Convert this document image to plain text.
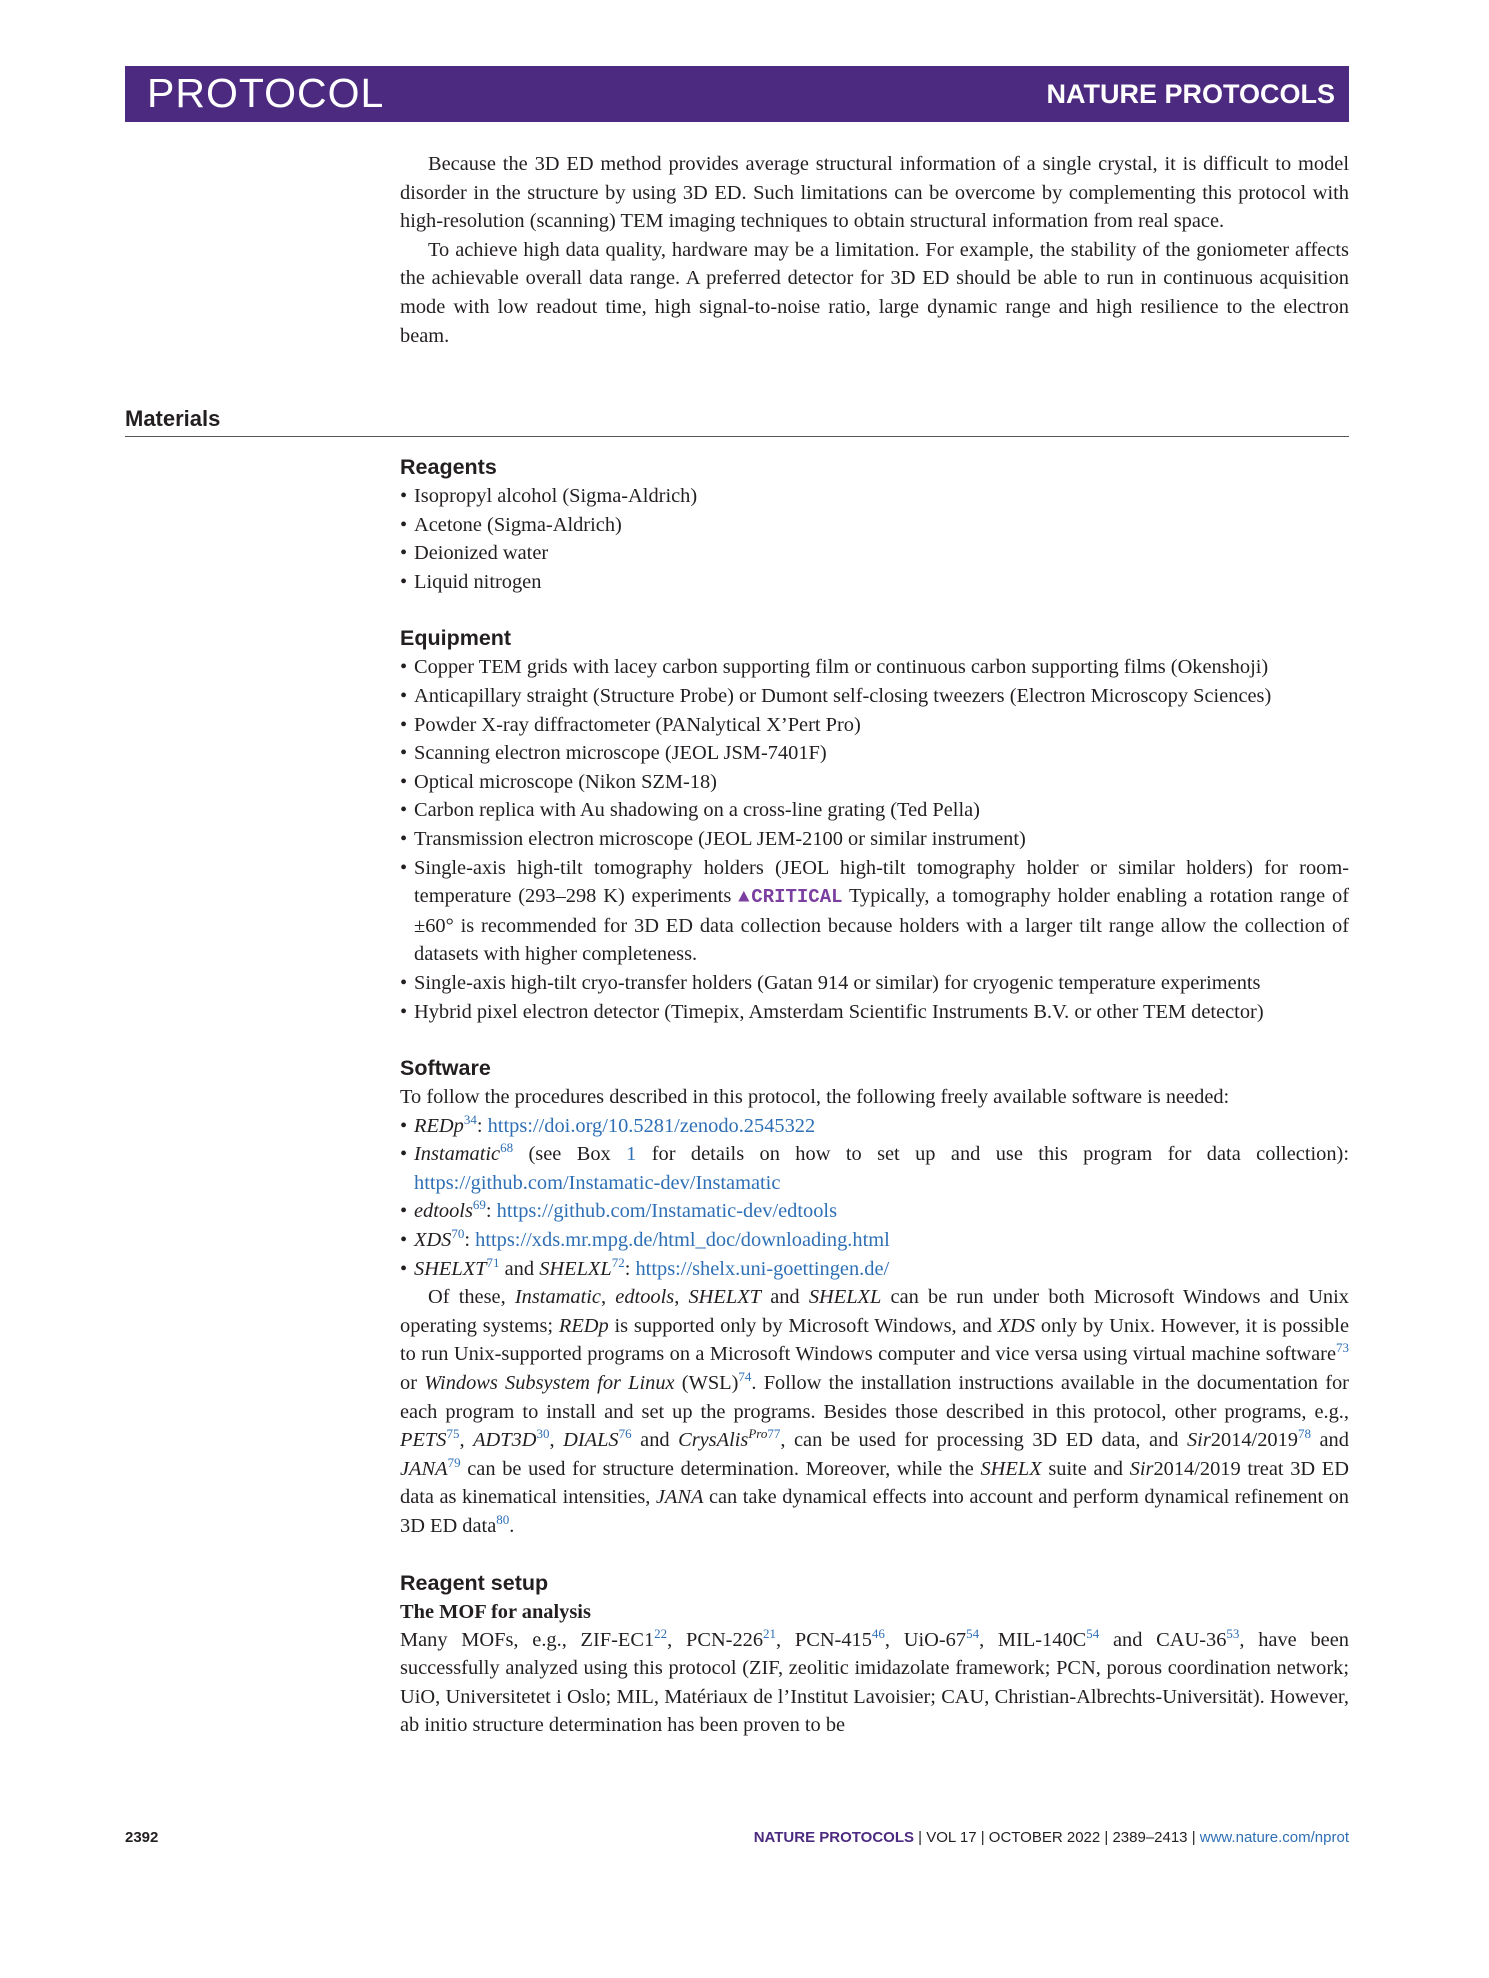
PROTOCOL	NATURE PROTOCOLS

Because the 3D ED method provides average structural information of a single crystal, it is difficult to model disorder in the structure by using 3D ED. Such limitations can be overcome by complementing this protocol with high-resolution (scanning) TEM imaging techniques to obtain structural information from real space.

To achieve high data quality, hardware may be a limitation. For example, the stability of the goniometer affects the achievable overall data range. A preferred detector for 3D ED should be able to run in continuous acquisition mode with low readout time, high signal-to-noise ratio, large dynamic range and high resilience to the electron beam.

Materials
Reagents
• Isopropyl alcohol (Sigma-Aldrich)
• Acetone (Sigma-Aldrich)
• Deionized water
• Liquid nitrogen
Equipment
• Copper TEM grids with lacey carbon supporting film or continuous carbon supporting films (Okenshoji)
• Anticapillary straight (Structure Probe) or Dumont self-closing tweezers (Electron Microscopy Sciences)
• Powder X-ray diffractometer (PANalytical X’Pert Pro)
• Scanning electron microscope (JEOL JSM-7401F)
• Optical microscope (Nikon SZM-18)
• Carbon replica with Au shadowing on a cross-line grating (Ted Pella)
• Transmission electron microscope (JEOL JEM-2100 or similar instrument)
• Single-axis high-tilt tomography holders (JEOL high-tilt tomography holder or similar holders) for room-temperature (293–298 K) experiments ▲CRITICAL Typically, a tomography holder enabling a rotation range of ±60° is recommended for 3D ED data collection because holders with a larger tilt range allow the collection of datasets with higher completeness.
• Single-axis high-tilt cryo-transfer holders (Gatan 914 or similar) for cryogenic temperature experiments
• Hybrid pixel electron detector (Timepix, Amsterdam Scientific Instruments B.V. or other TEM detector)
Software

To follow the procedures described in this protocol, the following freely available software is needed:

• REDp$^{34}$: https://doi.org/10.5281/zenodo.2545322
• Instamatic$^{68}$ (see Box 1 for details on how to set up and use this program for data collection): https://github.com/Instamatic-dev/Instamatic
• edtools$^{69}$: https://github.com/Instamatic-dev/edtools
• XDS$^{70}$: https://xds.mr.mpg.de/html_doc/downloading.html
• SHELXT$^{71}$ and SHELXL$^{72}$: https://shelx.uni-goettingen.de/

Of these, Instamatic, edtools, SHELXT and SHELXL can be run under both Microsoft Windows and Unix operating systems; REDp is supported only by Microsoft Windows, and XDS only by Unix. However, it is possible to run Unix-supported programs on a Microsoft Windows computer and vice versa using virtual machine software$^{73}$ or Windows Subsystem for Linux (WSL)$^{74}$. Follow the installation instructions available in the documentation for each program to install and set up the programs. Besides those described in this protocol, other programs, e.g., PETS$^{75}$, ADT3D$^{30}$, DIALS$^{76}$ and CrysAlis$^{Pro77}$, can be used for processing 3D ED data, and Sir2014/2019$^{78}$ and JANA$^{79}$ can be used for structure determination. Moreover, while the SHELX suite and Sir2014/2019 treat 3D ED data as kinematical intensities, JANA can take dynamical effects into account and perform dynamical refinement on 3D ED data$^{80}$.

Reagent setup
The MOF for analysis

Many MOFs, e.g., ZIF-EC1$^{22}$, PCN-226$^{21}$, PCN-415$^{46}$, UiO-67$^{54}$, MIL-140C$^{54}$ and CAU-36$^{53}$, have been successfully analyzed using this protocol (ZIF, zeolitic imidazolate framework; PCN, porous coordination network; UiO, Universitetet i Oslo; MIL, Matériaux de l’Institut Lavoisier; CAU, Christian-Albrechts-Universität). However, ab initio structure determination has been proven to be

2392	NATURE PROTOCOLS | VOL 17 | OCTOBER 2022 | 2389–2413 | www.nature.com/nprot
